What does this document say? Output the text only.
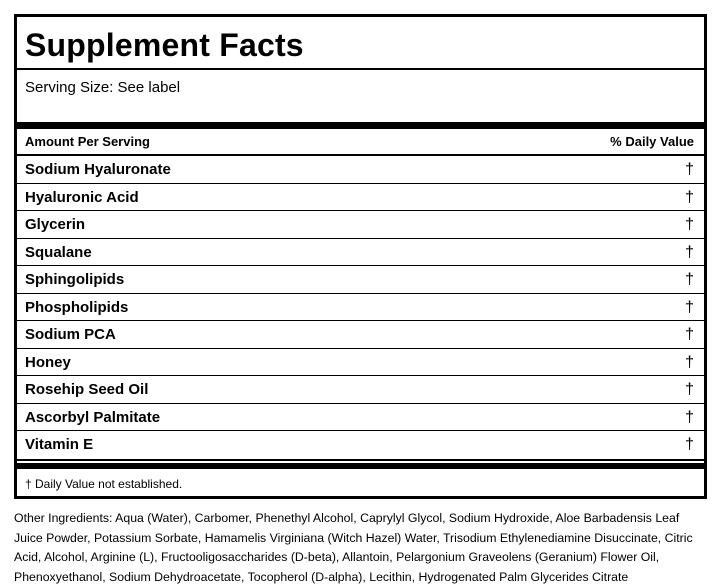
Supplement Facts
Serving Size: See label
Amount Per Serving	% Daily Value
Sodium Hyaluronate	†
Hyaluronic Acid	†
Glycerin	†
Squalane	†
Sphingolipids	†
Phospholipids	†
Sodium PCA	†
Honey	†
Rosehip Seed Oil	†
Ascorbyl Palmitate	†
Vitamin E	†
† Daily Value not established.
Other Ingredients: Aqua (Water), Carbomer, Phenethyl Alcohol, Caprylyl Glycol, Sodium Hydroxide, Aloe Barbadensis Leaf Juice Powder, Potassium Sorbate, Hamamelis Virginiana (Witch Hazel) Water, Trisodium Ethylenediamine Disuccinate, Citric Acid, Alcohol, Arginine (L), Fructooligosaccharides (D-beta), Allantoin, Pelargonium Graveolens (Geranium) Flower Oil, Phenoxyethanol, Sodium Dehydroacetate, Tocopherol (D-alpha), Lecithin, Hydrogenated Palm Glycerides Citrate
